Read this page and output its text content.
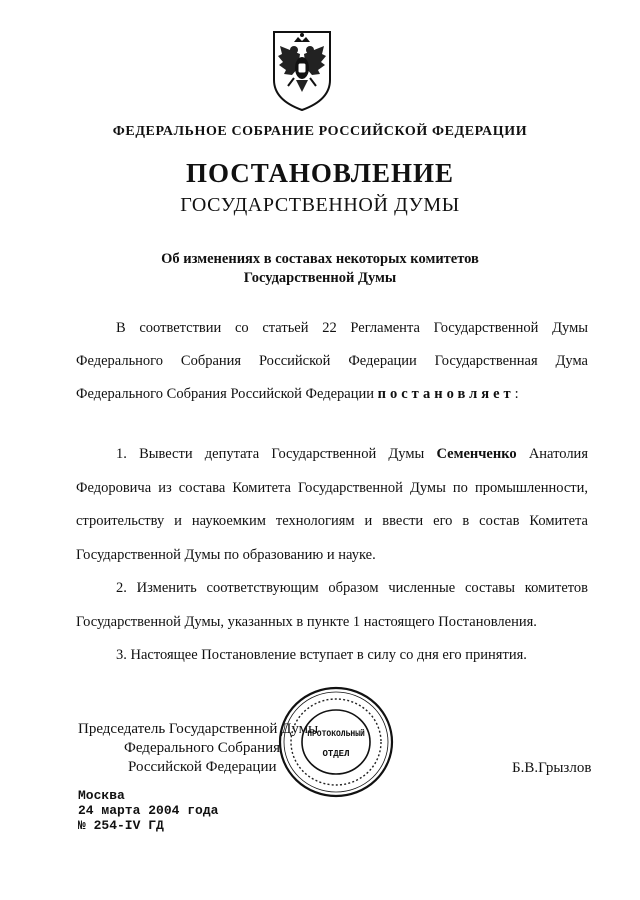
ФЕДЕРАЛЬНОЕ СОБРАНИЕ РОССИЙСКОЙ ФЕДЕРАЦИИ
ПОСТАНОВЛЕНИЕ
ГОСУДАРСТВЕННОЙ ДУМЫ
Об изменениях в составах некоторых комитетов
Государственной Думы

В соответствии со статьей 22 Регламента Государственной Думы Федерального Собрания Российской Федерации Государственная Дума Федерального Собрания Российской Федерации постановляет:

1. Вывести депутата Государственной Думы Семенченко Анатолия Федоровича из состава Комитета Государственной Думы по промышленности, строительству и наукоемким технологиям и ввести его в состав Комитета Государственной Думы по образованию и науке.

2. Изменить соответствующим образом численные составы комитетов Государственной Думы, указанных в пункте 1 настоящего Постановления.

3. Настоящее Постановление вступает в силу со дня его принятия.

Председатель Государственной Думы
Федерального Собрания
Российской Федерации	Б.В.Грызлов
ПРОТОКОЛЬНЫЙ
ОТДЕЛ
Москва
24 марта 2004 года
№ 254-IV ГД
